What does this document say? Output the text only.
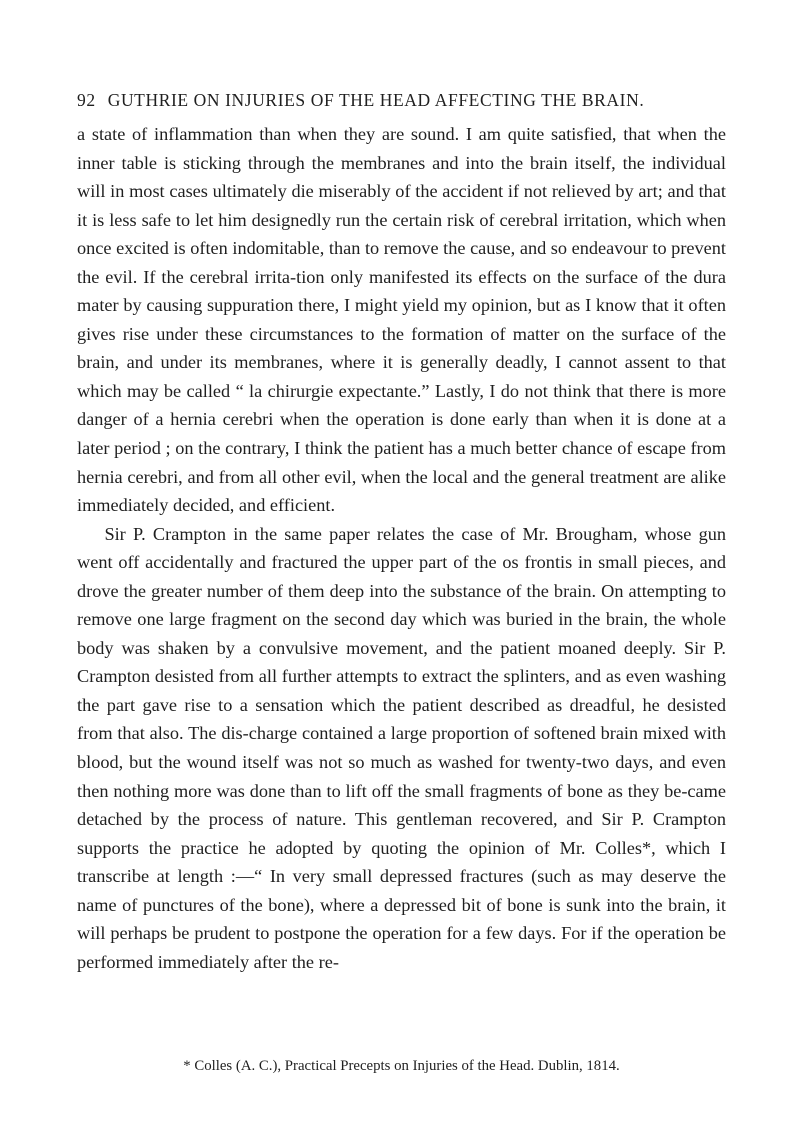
92 GUTHRIE ON INJURIES OF THE HEAD AFFECTING THE BRAIN.

a state of inflammation than when they are sound. I am quite satisfied, that when the inner table is sticking through the membranes and into the brain itself, the individual will in most cases ultimately die miserably of the accident if not relieved by art; and that it is less safe to let him designedly run the certain risk of cerebral irritation, which when once excited is often indomitable, than to remove the cause, and so endeavour to prevent the evil. If the cerebral irrita-tion only manifested its effects on the surface of the dura mater by causing suppuration there, I might yield my opinion, but as I know that it often gives rise under these circumstances to the formation of matter on the surface of the brain, and under its membranes, where it is generally deadly, I cannot assent to that which may be called “ la chirurgie expectante.” Lastly, I do not think that there is more danger of a hernia cerebri when the operation is done early than when it is done at a later period ; on the contrary, I think the patient has a much better chance of escape from hernia cerebri, and from all other evil, when the local and the general treatment are alike immediately decided, and efficient.

Sir P. Crampton in the same paper relates the case of Mr. Brougham, whose gun went off accidentally and fractured the upper part of the os frontis in small pieces, and drove the greater number of them deep into the substance of the brain. On attempting to remove one large fragment on the second day which was buried in the brain, the whole body was shaken by a convulsive movement, and the patient moaned deeply. Sir P. Crampton desisted from all further attempts to extract the splinters, and as even washing the part gave rise to a sensation which the patient described as dreadful, he desisted from that also. The dis-charge contained a large proportion of softened brain mixed with blood, but the wound itself was not so much as washed for twenty-two days, and even then nothing more was done than to lift off the small fragments of bone as they be-came detached by the process of nature. This gentleman recovered, and Sir P. Crampton supports the practice he adopted by quoting the opinion of Mr. Colles*, which I transcribe at length :—“ In very small depressed fractures (such as may deserve the name of punctures of the bone), where a depressed bit of bone is sunk into the brain, it will perhaps be prudent to postpone the operation for a few days. For if the operation be performed immediately after the re-

* Colles (A. C.), Practical Precepts on Injuries of the Head. Dublin, 1814.
